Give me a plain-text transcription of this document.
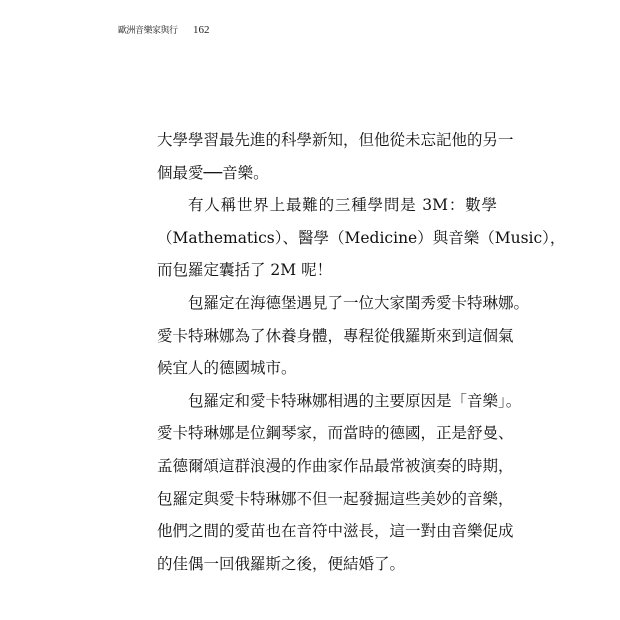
歐洲音樂家與行 162
大學學習最先進的科學新知，但他從未忘記他的另一
個最愛──音樂。
有人稱世界上最難的三種學問是 3M：數學
（Mathematics）、醫學（Medicine）與音樂（Music），
而包羅定囊括了 2M 呢！
包羅定在海德堡遇見了一位大家閨秀愛卡特琳娜。
愛卡特琳娜為了休養身體，專程從俄羅斯來到這個氣
候宜人的德國城市。
包羅定和愛卡特琳娜相遇的主要原因是「音樂」。
愛卡特琳娜是位鋼琴家，而當時的德國，正是舒曼、
孟德爾頌這群浪漫的作曲家作品最常被演奏的時期，
包羅定與愛卡特琳娜不但一起發掘這些美妙的音樂，
他們之間的愛苗也在音符中滋長，這一對由音樂促成
的佳偶一回俄羅斯之後，便結婚了。
